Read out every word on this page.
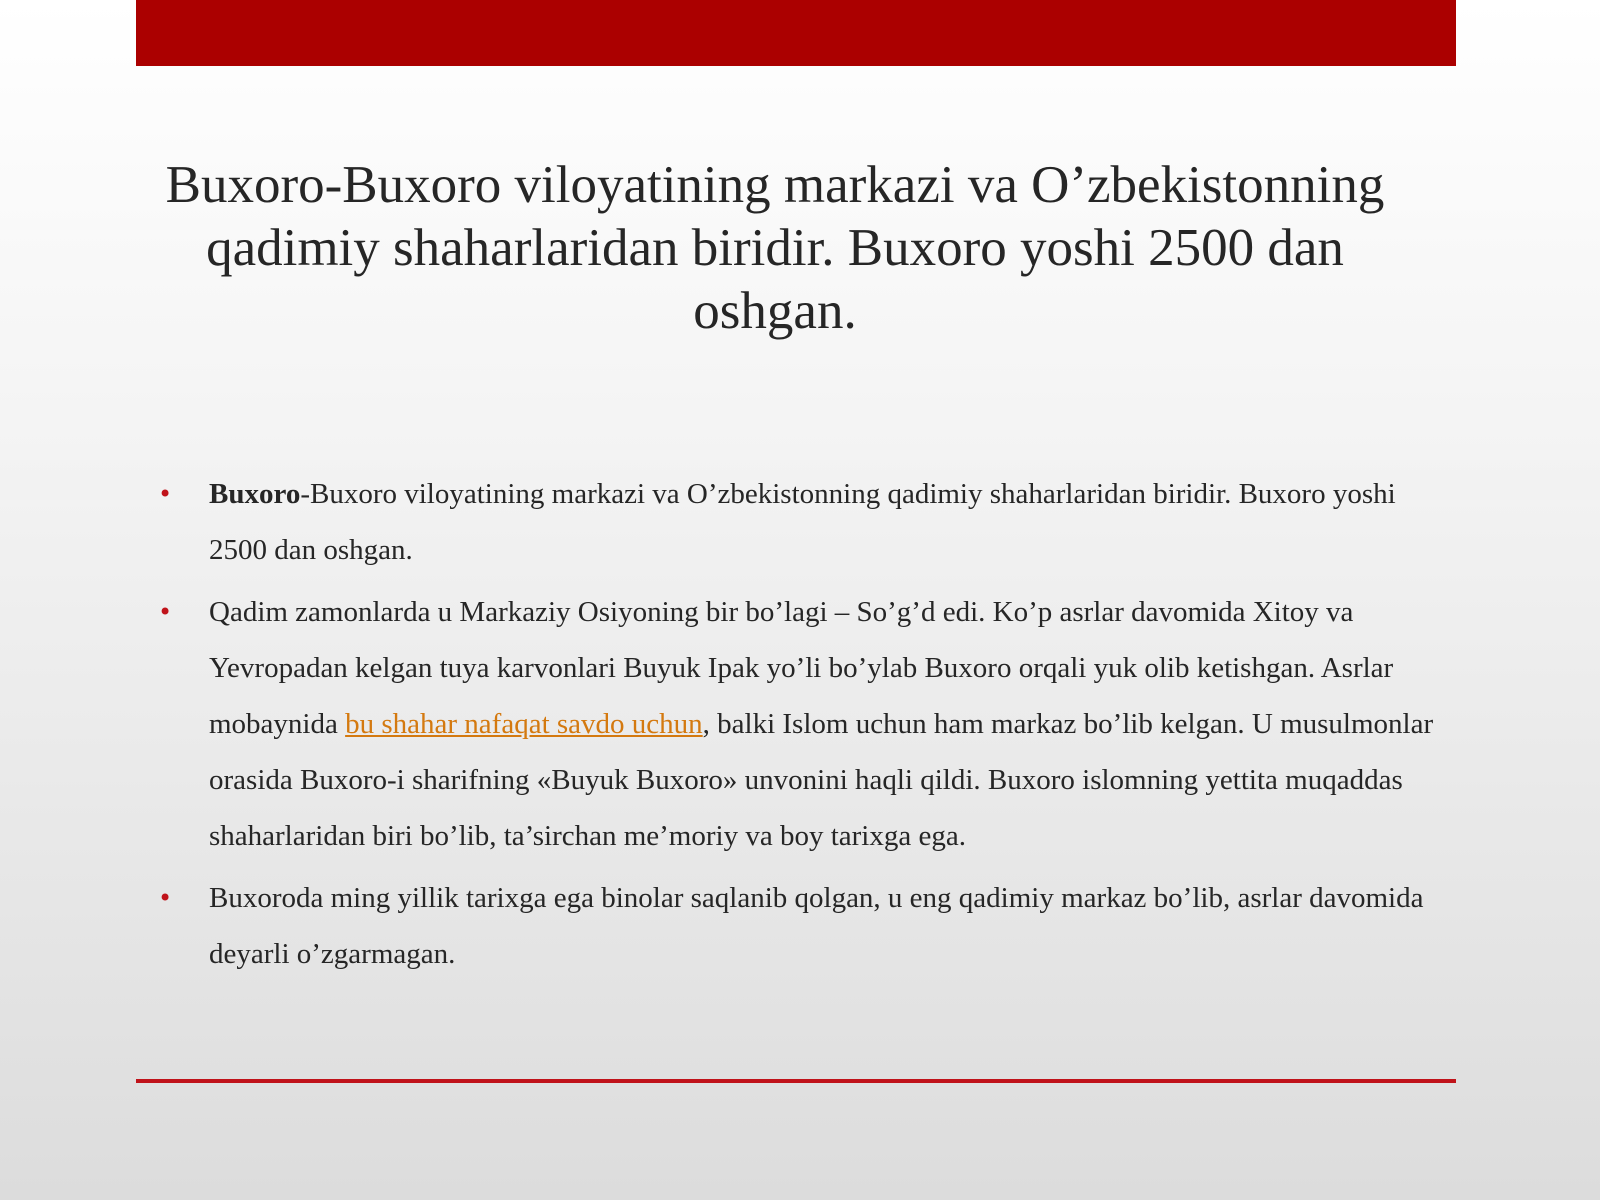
Buxoro-Buxoro viloyatining markazi va O’zbekistonning qadimiy shaharlaridan biridir. Buxoro yoshi 2500 dan oshgan.
• Buxoro-Buxoro viloyatining markazi va O’zbekistonning qadimiy shaharlaridan biridir. Buxoro yoshi 2500 dan oshgan.
• Qadim zamonlarda u Markaziy Osiyoning bir bo’lagi – So’g’d edi. Ko’p asrlar davomida Xitoy va Yevropadan kelgan tuya karvonlari Buyuk Ipak yo’li bo’ylab Buxoro orqali yuk olib ketishgan. Asrlar mobaynida bu shahar nafaqat savdo uchun, balki Islom uchun ham markaz bo’lib kelgan. U musulmonlar orasida Buxoro-i sharifning «Buyuk Buxoro» unvonini haqli qildi. Buxoro islomning yettita muqaddas shaharlaridan biri bo’lib, ta’sirchan me’moriy va boy tarixga ega.
• Buxoroda ming yillik tarixga ega binolar saqlanib qolgan, u eng qadimiy markaz bo’lib, asrlar davomida deyarli o’zgarmagan.
